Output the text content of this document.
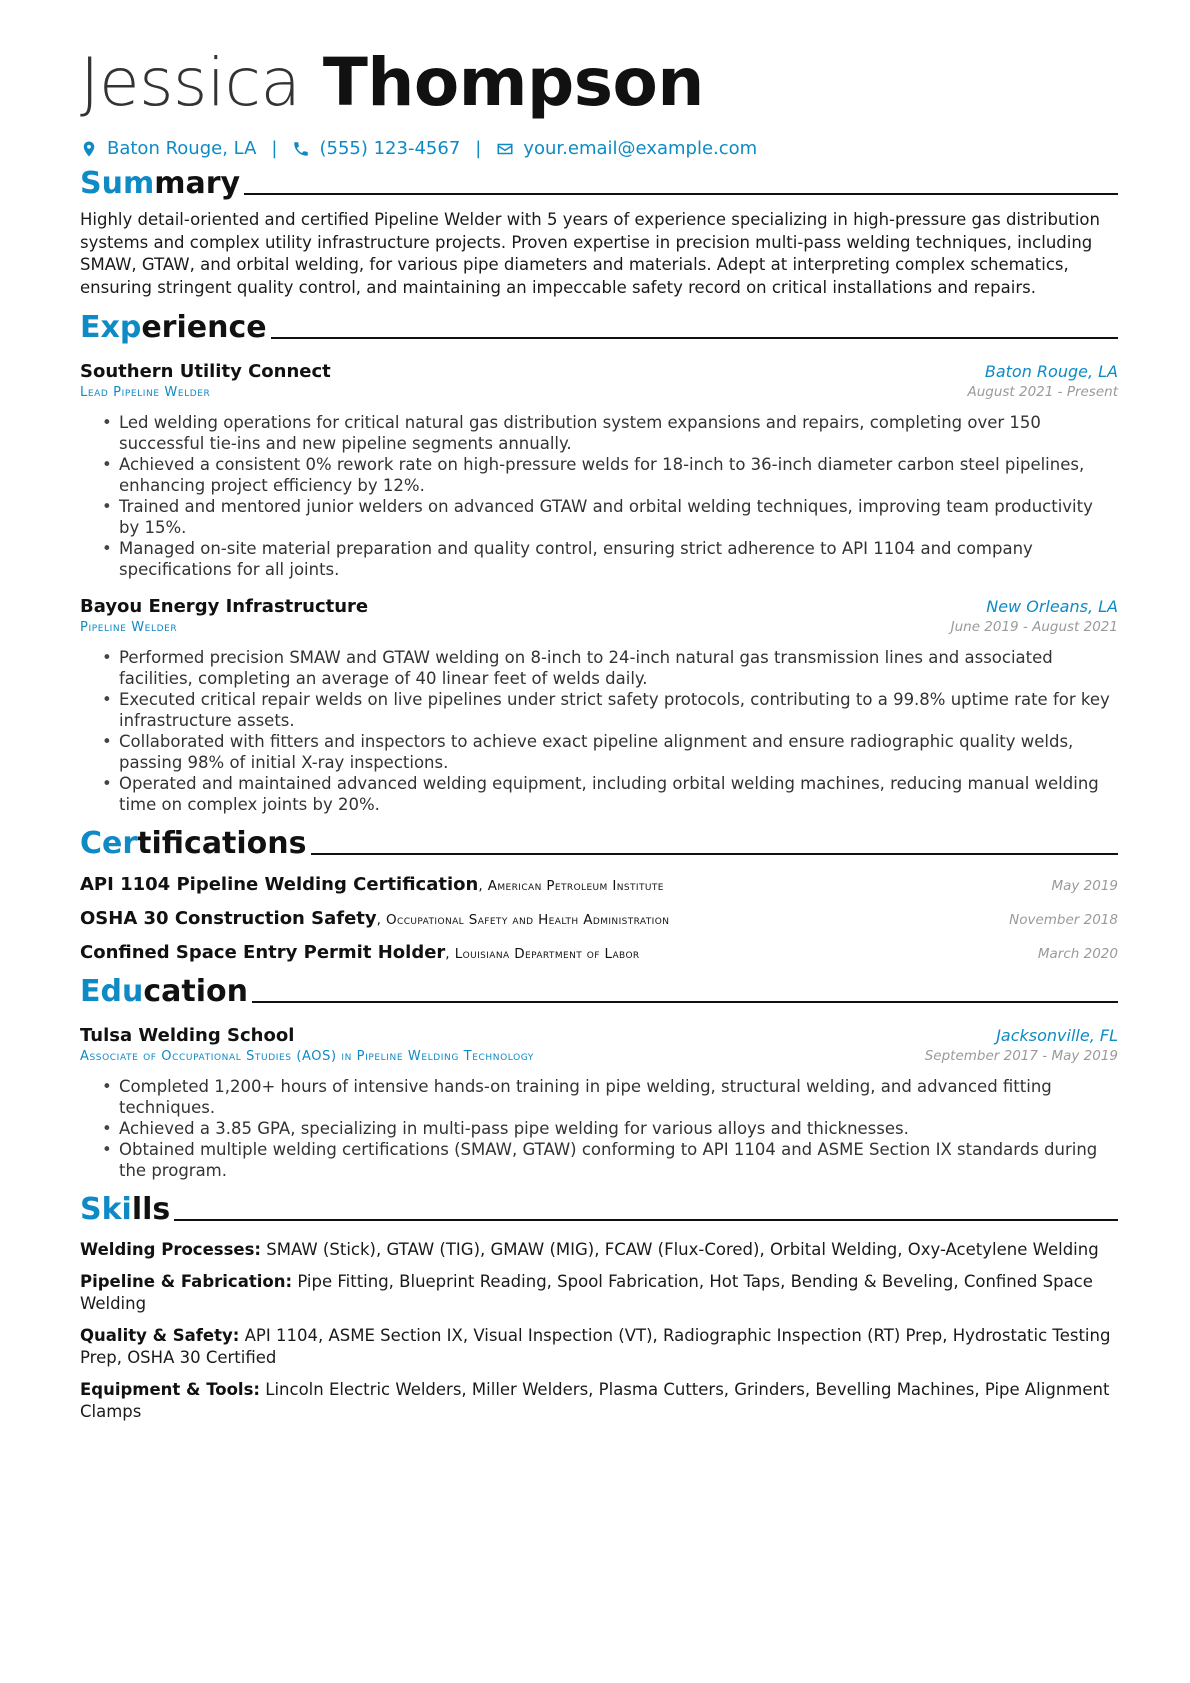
Jessica Thompson
Baton Rouge, LA | (555) 123-4567 | your.email@example.com
Summary
Highly detail-oriented and certified Pipeline Welder with 5 years of experience specializing in high-pressure gas distribution systems and complex utility infrastructure projects. Proven expertise in precision multi-pass welding techniques, including SMAW, GTAW, and orbital welding, for various pipe diameters and materials. Adept at interpreting complex schematics, ensuring stringent quality control, and maintaining an impeccable safety record on critical installations and repairs.
Experience
Southern Utility Connect	Baton Rouge, LA
Lead Pipeline Welder	August 2021 - Present
• Led welding operations for critical natural gas distribution system expansions and repairs, completing over 150 successful tie-ins and new pipeline segments annually.
• Achieved a consistent 0% rework rate on high-pressure welds for 18-inch to 36-inch diameter carbon steel pipelines, enhancing project efficiency by 12%.
• Trained and mentored junior welders on advanced GTAW and orbital welding techniques, improving team productivity by 15%.
• Managed on-site material preparation and quality control, ensuring strict adherence to API 1104 and company specifications for all joints.
Bayou Energy Infrastructure	New Orleans, LA
Pipeline Welder	June 2019 - August 2021
• Performed precision SMAW and GTAW welding on 8-inch to 24-inch natural gas transmission lines and associated facilities, completing an average of 40 linear feet of welds daily.
• Executed critical repair welds on live pipelines under strict safety protocols, contributing to a 99.8% uptime rate for key infrastructure assets.
• Collaborated with fitters and inspectors to achieve exact pipeline alignment and ensure radiographic quality welds, passing 98% of initial X-ray inspections.
• Operated and maintained advanced welding equipment, including orbital welding machines, reducing manual welding time on complex joints by 20%.
Certifications
API 1104 Pipeline Welding Certification, American Petroleum Institute	May 2019
OSHA 30 Construction Safety, Occupational Safety and Health Administration	November 2018
Confined Space Entry Permit Holder, Louisiana Department of Labor	March 2020
Education
Tulsa Welding School	Jacksonville, FL
Associate of Occupational Studies (AOS) in Pipeline Welding Technology	September 2017 - May 2019
• Completed 1,200+ hours of intensive hands-on training in pipe welding, structural welding, and advanced fitting techniques.
• Achieved a 3.85 GPA, specializing in multi-pass pipe welding for various alloys and thicknesses.
• Obtained multiple welding certifications (SMAW, GTAW) conforming to API 1104 and ASME Section IX standards during the program.
Skills
Welding Processes: SMAW (Stick), GTAW (TIG), GMAW (MIG), FCAW (Flux-Cored), Orbital Welding, Oxy-Acetylene Welding
Pipeline & Fabrication: Pipe Fitting, Blueprint Reading, Spool Fabrication, Hot Taps, Bending & Beveling, Confined Space Welding
Quality & Safety: API 1104, ASME Section IX, Visual Inspection (VT), Radiographic Inspection (RT) Prep, Hydrostatic Testing Prep, OSHA 30 Certified
Equipment & Tools: Lincoln Electric Welders, Miller Welders, Plasma Cutters, Grinders, Bevelling Machines, Pipe Alignment Clamps
